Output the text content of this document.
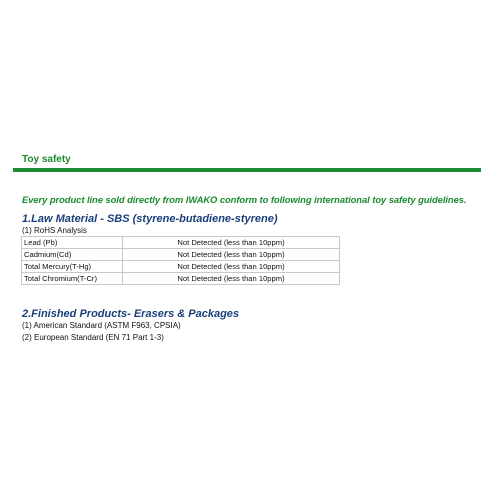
Toy safety
Every product line sold directly from IWAKO conform to following international toy safety guidelines.
1.Law Material - SBS (styrene-butadiene-styrene)
(1) RoHS Analysis
Lead (Pb)	Not Detected (less than 10ppm)
Cadmium(Cd)	Not Detected (less than 10ppm)
Total Mercury(T-Hg)	Not Detected (less than 10ppm)
Total Chromium(T-Cr)	Not Detected (less than 10ppm)
2.Finished Products- Erasers & Packages
(1) American Standard (ASTM F963, CPSIA)
(2) European Standard (EN 71 Part 1-3)
